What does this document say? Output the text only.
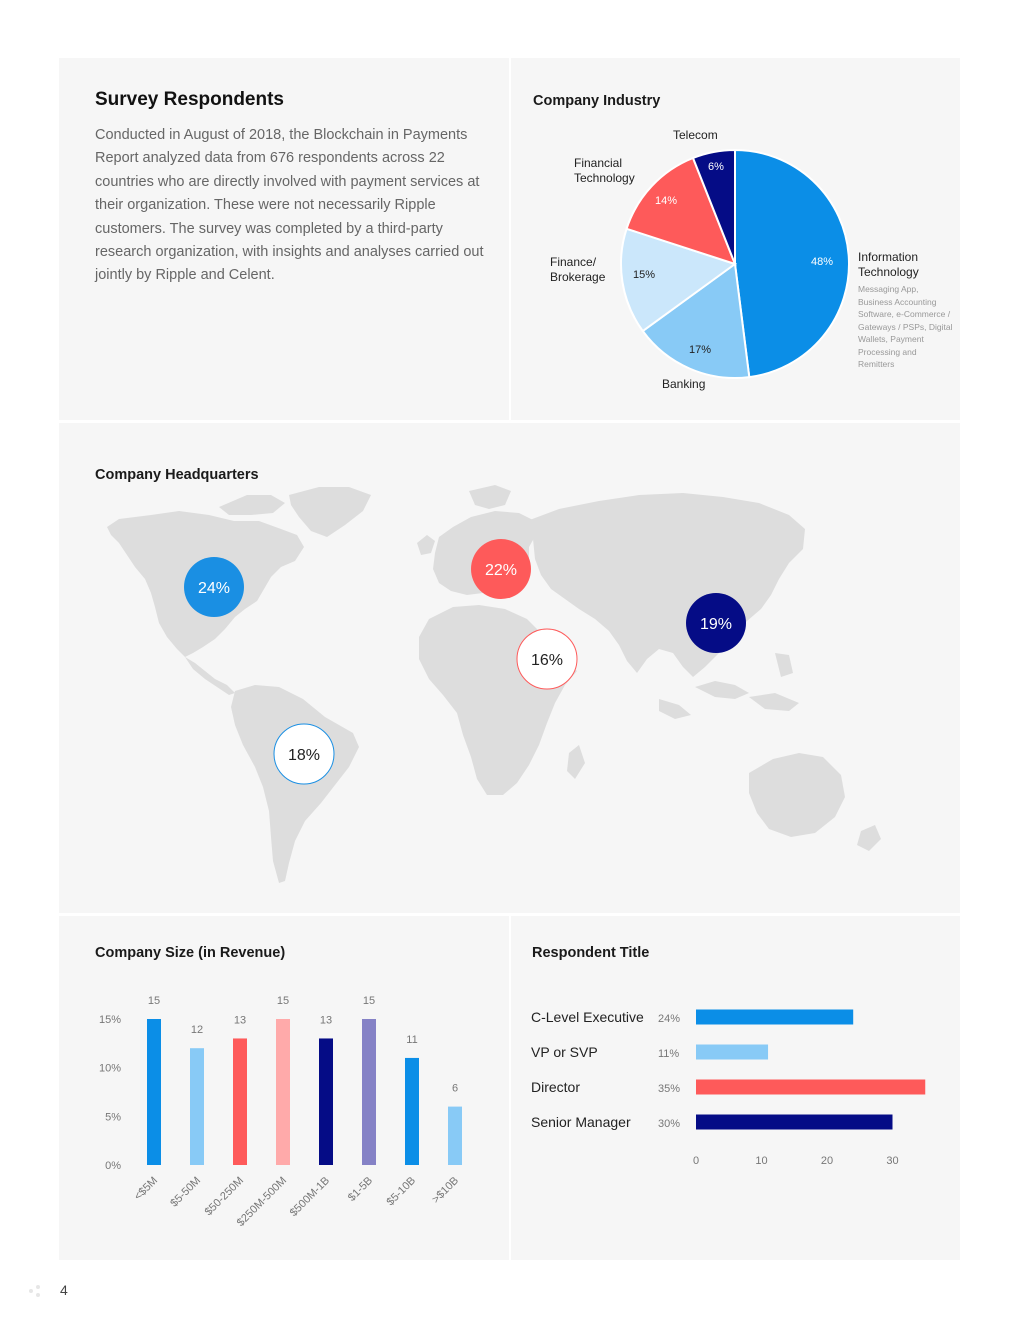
Survey Respondents
Conducted in August of 2018, the Blockchain in Payments Report analyzed data from 676 respondents across 22 countries who are directly involved with payment services at their organization. These were not necessarily Ripple customers. The survey was completed by a third-party research organization, with insights and analyses carried out jointly by Ripple and Celent.
Company Industry
Telecom
Financial
Technology
Finance/
Brokerage
Banking
Information
Technology
Messaging App, Business Accounting Software, e-Commerce / Gateways / PSPs, Digital Wallets, Payment Processing and Remitters
48%
17%
15%
14%
6%
Company Headquarters
24%
22%
19%
16%
18%
Company Size (in Revenue)
0%
5%
10%
15%
15
<$5M
12
$5-50M
13
$50-250M
15
$250M-500M
13
$500M-1B
15
$1-5B
11
$5-10B
6
>$10B
Respondent Title
C-Level Executive 24%
VP or SVP	11%
Director	35%
Senior Manager 30%
0	10	20	30
4
